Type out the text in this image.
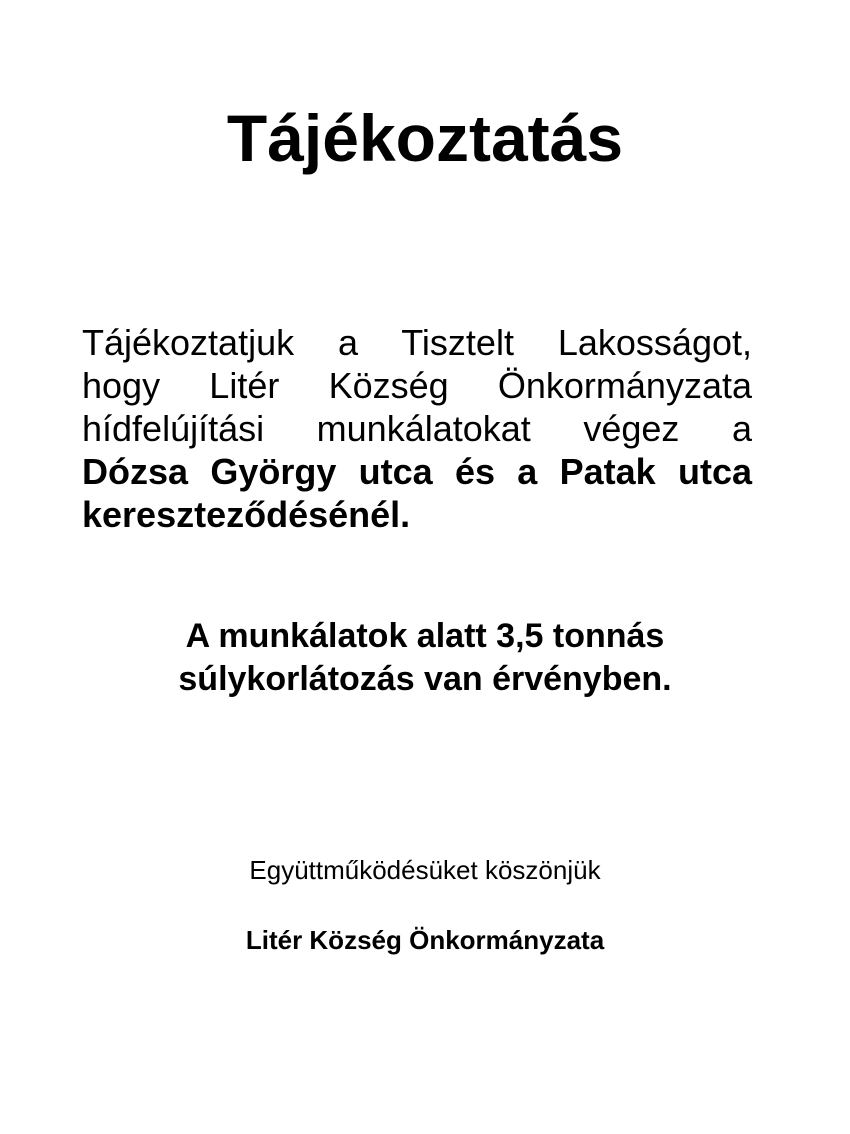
Tájékoztatás
Tájékoztatjuk a Tisztelt Lakosságot,
hogy Litér Község Önkormányzata
hídfelújítási munkálatokat végez a
Dózsa György utca és a Patak utca
kereszteződésénél.
A munkálatok alatt 3,5 tonnás
súlykorlátozás van érvényben.
Együttműködésüket köszönjük
Litér Község Önkormányzata
